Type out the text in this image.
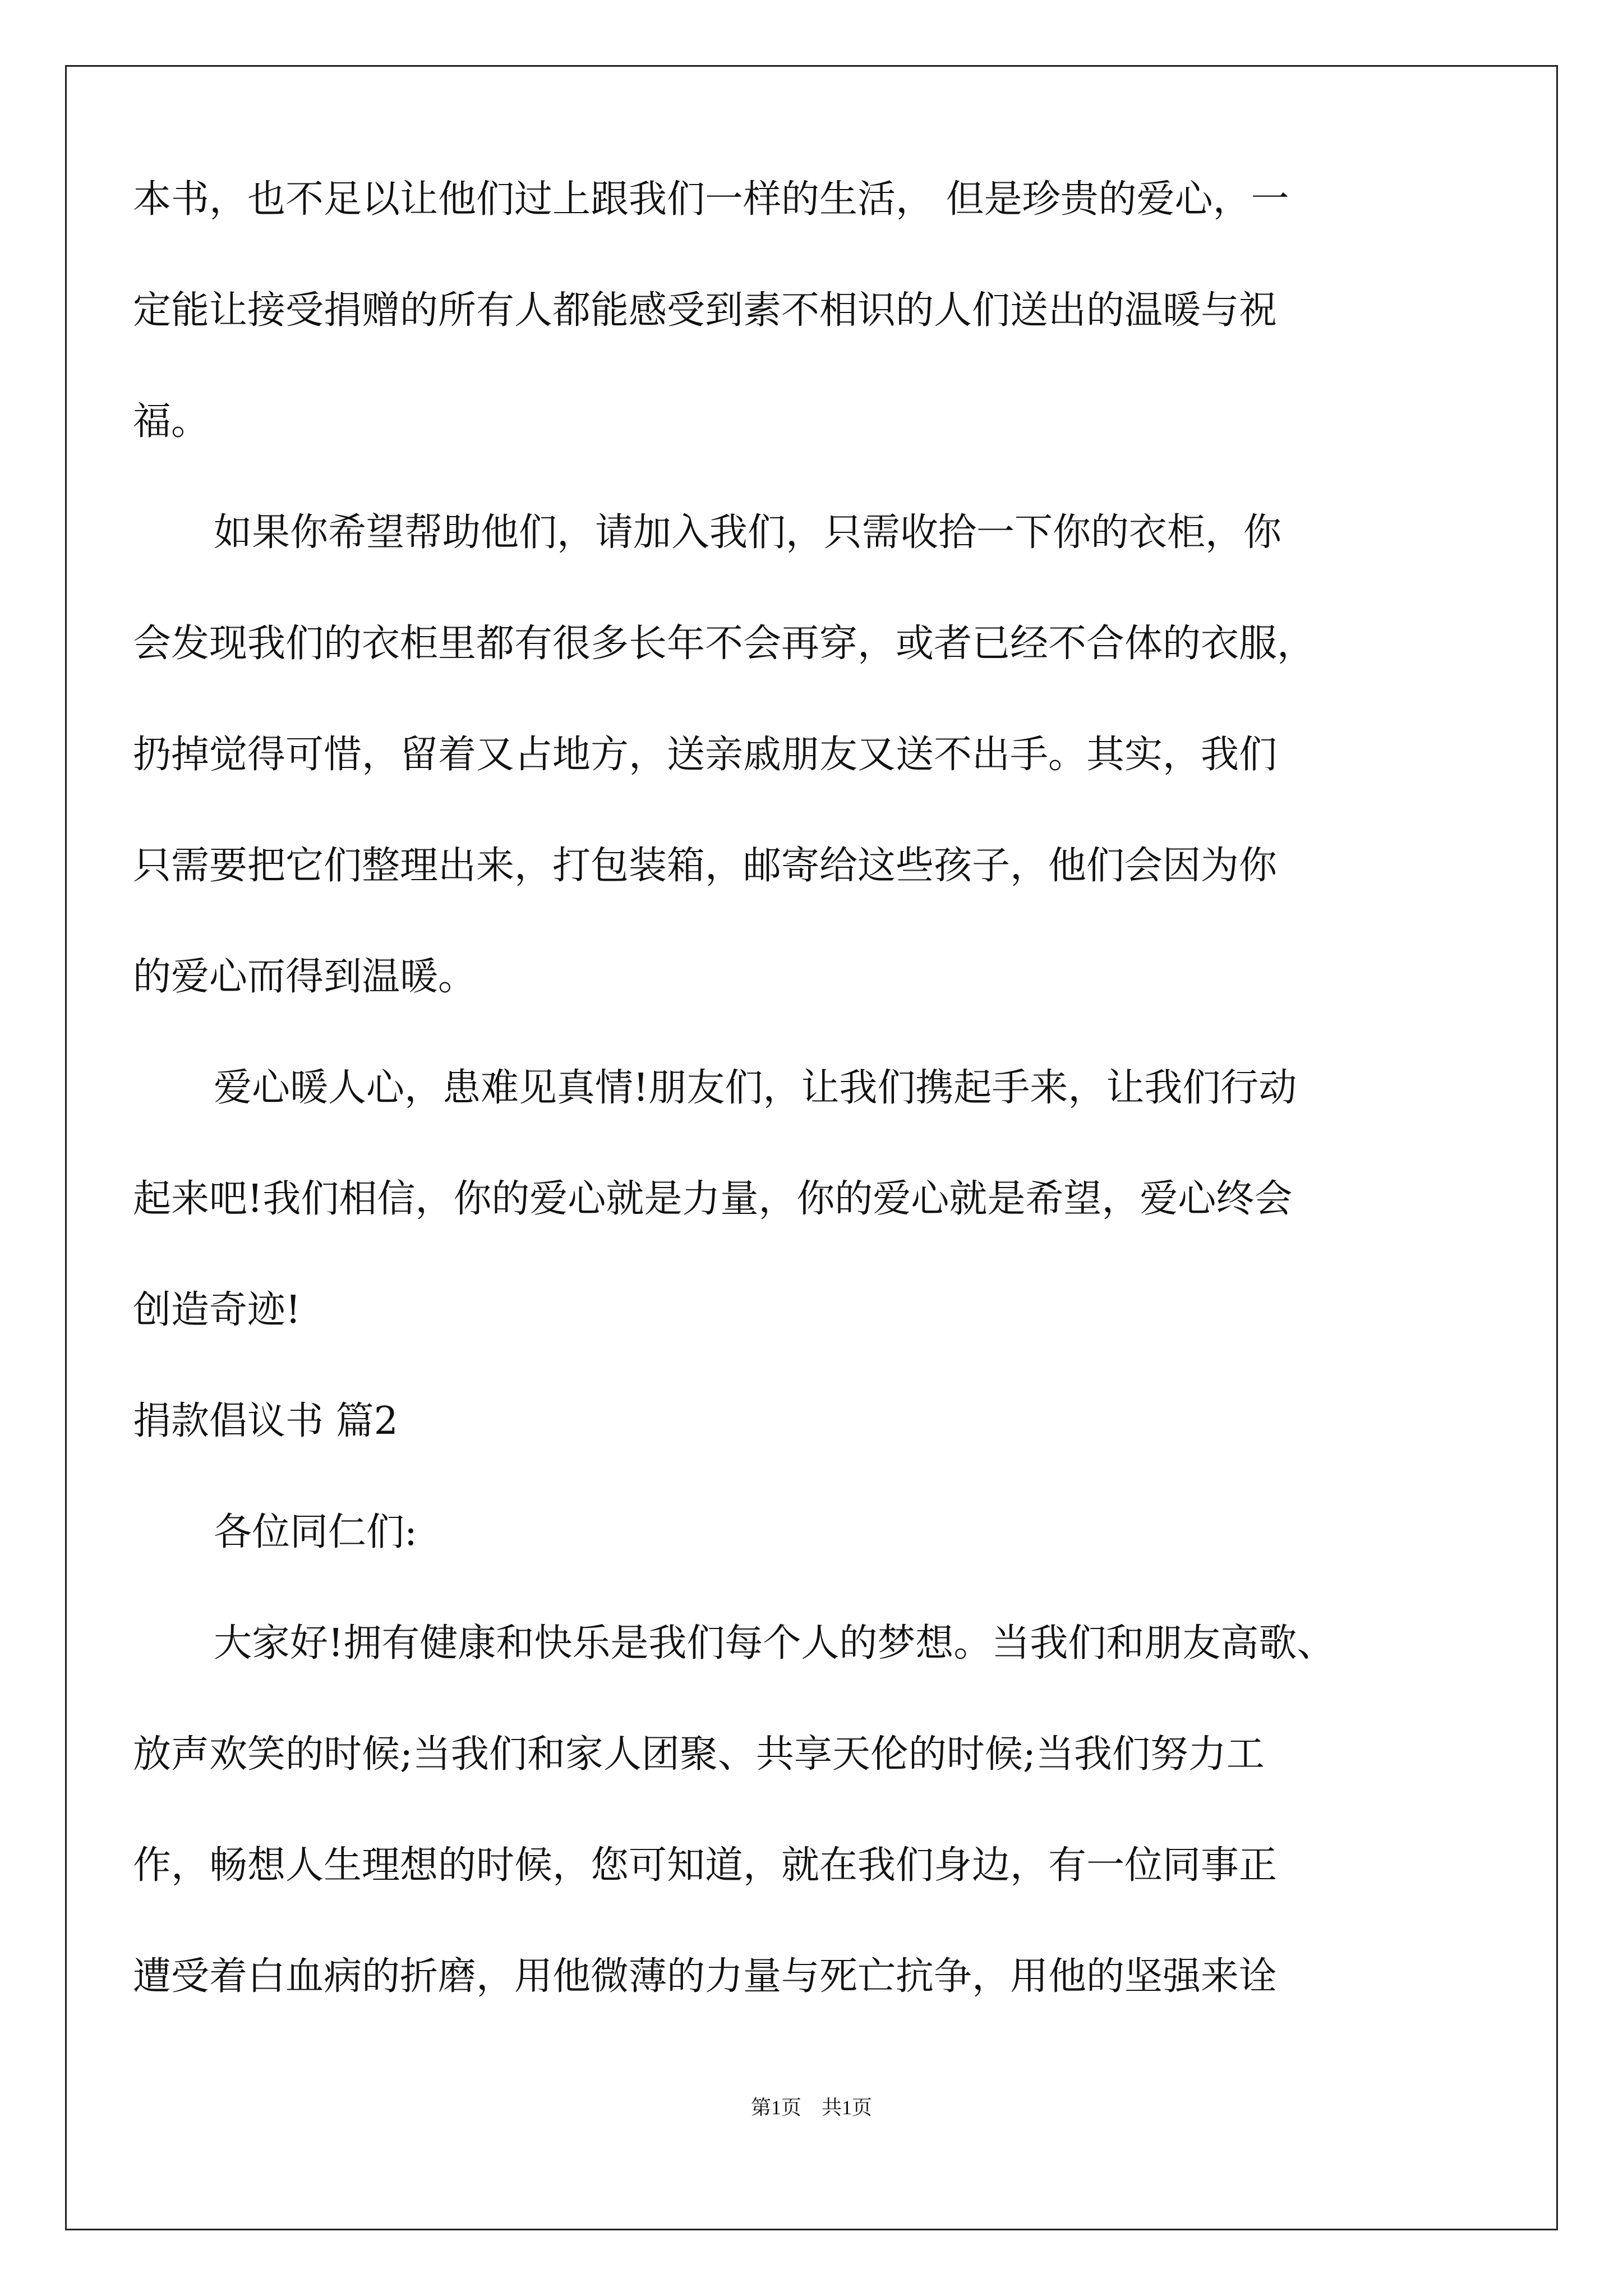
本书，也不足以让他们过上跟我们一样的生活， 但是珍贵的爱心，一
定能让接受捐赠的所有人都能感受到素不相识的人们送出的温暖与祝
福。
如果你希望帮助他们，请加入我们，只需收拾一下你的衣柜，你
会发现我们的衣柜里都有很多长年不会再穿，或者已经不合体的衣服，
扔掉觉得可惜，留着又占地方，送亲戚朋友又送不出手。其实，我们
只需要把它们整理出来，打包装箱，邮寄给这些孩子，他们会因为你
的爱心而得到温暖。
爱心暖人心，患难见真情!朋友们，让我们携起手来，让我们行动
起来吧!我们相信，你的爱心就是力量，你的爱心就是希望，爱心终会
创造奇迹!
捐款倡议书 篇2
各位同仁们:
大家好!拥有健康和快乐是我们每个人的梦想。当我们和朋友高歌、
放声欢笑的时候;当我们和家人团聚、共享天伦的时候;当我们努力工
作，畅想人生理想的时候，您可知道，就在我们身边，有一位同事正
遭受着白血病的折磨，用他微薄的力量与死亡抗争，用他的坚强来诠
第1页　共1页
